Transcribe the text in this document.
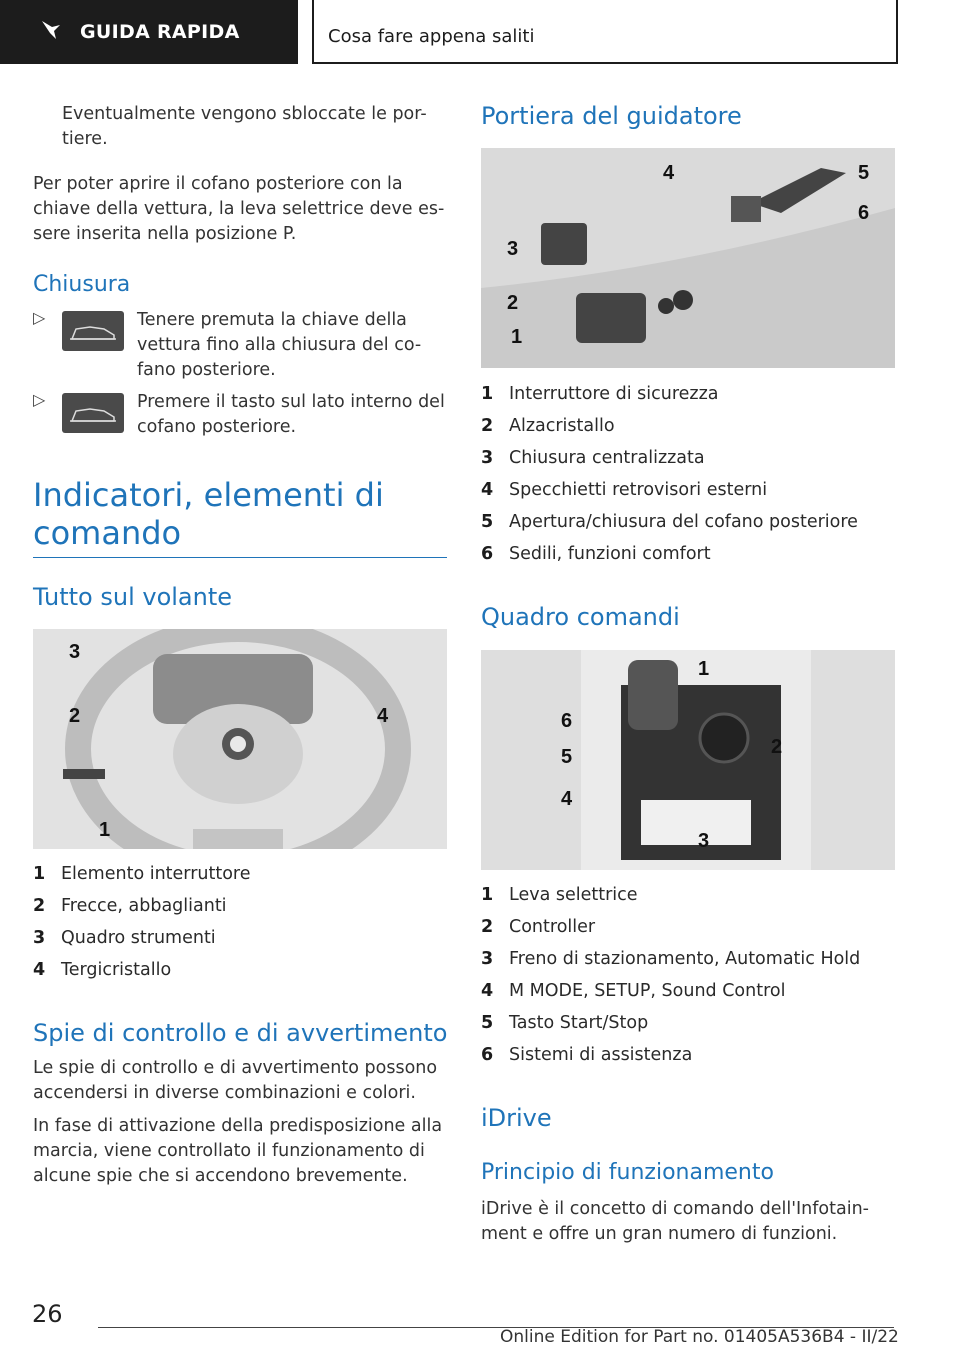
GUIDA RAPIDA	Cosa fare appena saliti

Eventualmente vengono sbloccate le por-tiere.

Per poter aprire il cofano posteriore con la chiave della vettura, la leva selettrice deve es-sere inserita nella posizione P.

Chiusura
▷	Tenere premuta la chiave della vettura fino alla chiusura del co-fano posteriore.

▷	Premere il tasto sul lato interno del cofano posteriore.

Indicatori, elementi di comando
Tutto sul volante
3
2	4
1
1 Elemento interruttore
2 Frecce, abbaglianti
3 Quadro strumenti
4 Tergicristallo
Spie di controllo e di avvertimento

Le spie di controllo e di avvertimento possono accendersi in diverse combinazioni e colori.

In fase di attivazione della predisposizione alla marcia, viene controllato il funzionamento di alcune spie che si accendono brevemente.

Portiera del guidatore
4	5
6
3
2
1
1 Interruttore di sicurezza
2 Alzacristallo
3 Chiusura centralizzata
4 Specchietti retrovisori esterni
5 Apertura/chiusura del cofano posteriore
6 Sedili, funzioni comfort
Quadro comandi
1
6
5	2
4
3
1 Leva selettrice
2 Controller
3 Freno di stazionamento, Automatic Hold
4 M MODE, SETUP, Sound Control
5 Tasto Start/Stop
6 Sistemi di assistenza
iDrive
Principio di funzionamento

iDrive è il concetto di comando dell'Infotain-ment e offre un gran numero di funzioni.

26
Online Edition for Part no. 01405A536B4 - II/22
